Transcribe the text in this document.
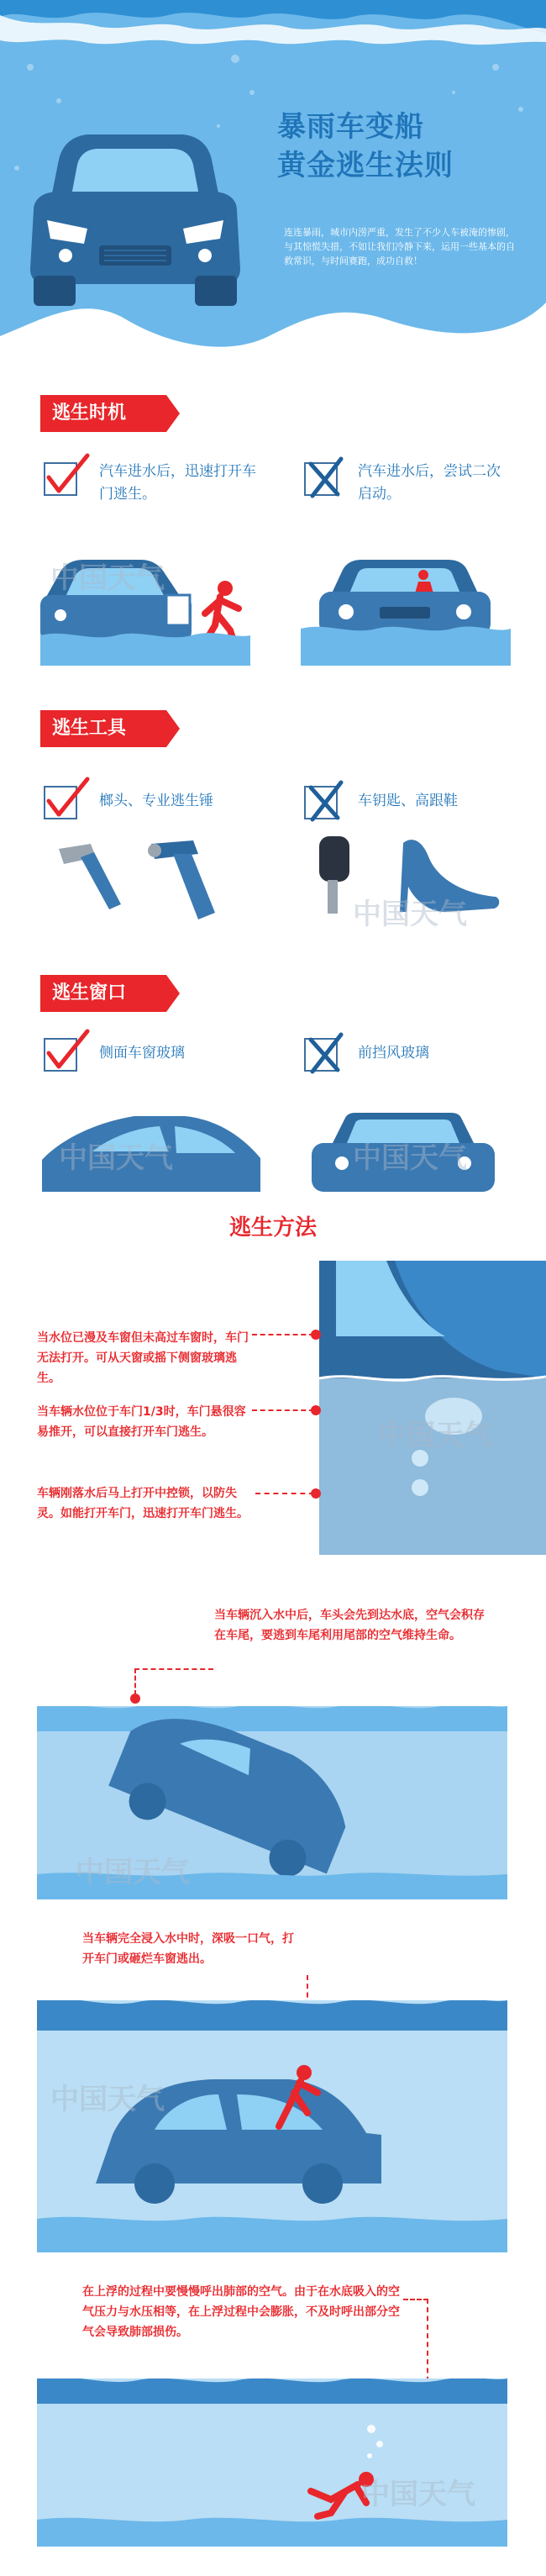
暴雨车变船
黄金逃生法则
连连暴雨，城市内涝严重，发生了不少人车被淹的惨剧，与其惊慌失措，不如让我们冷静下来，运用一些基本的自救常识，与时间赛跑，成功自救！
逃生时机
汽车进水后，迅速打开车门逃生。
汽车进水后，尝试二次启动。
逃生工具
榔头、专业逃生锤	车钥匙、高跟鞋
逃生窗口
侧面车窗玻璃	前挡风玻璃
逃生方法
当水位已漫及车窗但未高过车窗时，车门无法打开。可从天窗或摇下侧窗玻璃逃生。
当车辆水位位于车门1/3时，车门悬很容易推开，可以直接打开车门逃生。
车辆刚落水后马上打开中控锁，以防失灵。如能打开车门，迅速打开车门逃生。
当车辆沉入水中后，车头会先到达水底，空气会积存在车尾，要逃到车尾利用尾部的空气维持生命。
当车辆完全浸入水中时，深吸一口气，打开车门或砸烂车窗逃出。
在上浮的过程中要慢慢呼出肺部的空气。由于在水底吸入的空气压力与水压相等，在上浮过程中会膨胀，不及时呼出部分空气会导致肺部损伤。
中国天气
中国天气
中国天气	中国天气
中国天气
中国天气
中国天气
中国天气
